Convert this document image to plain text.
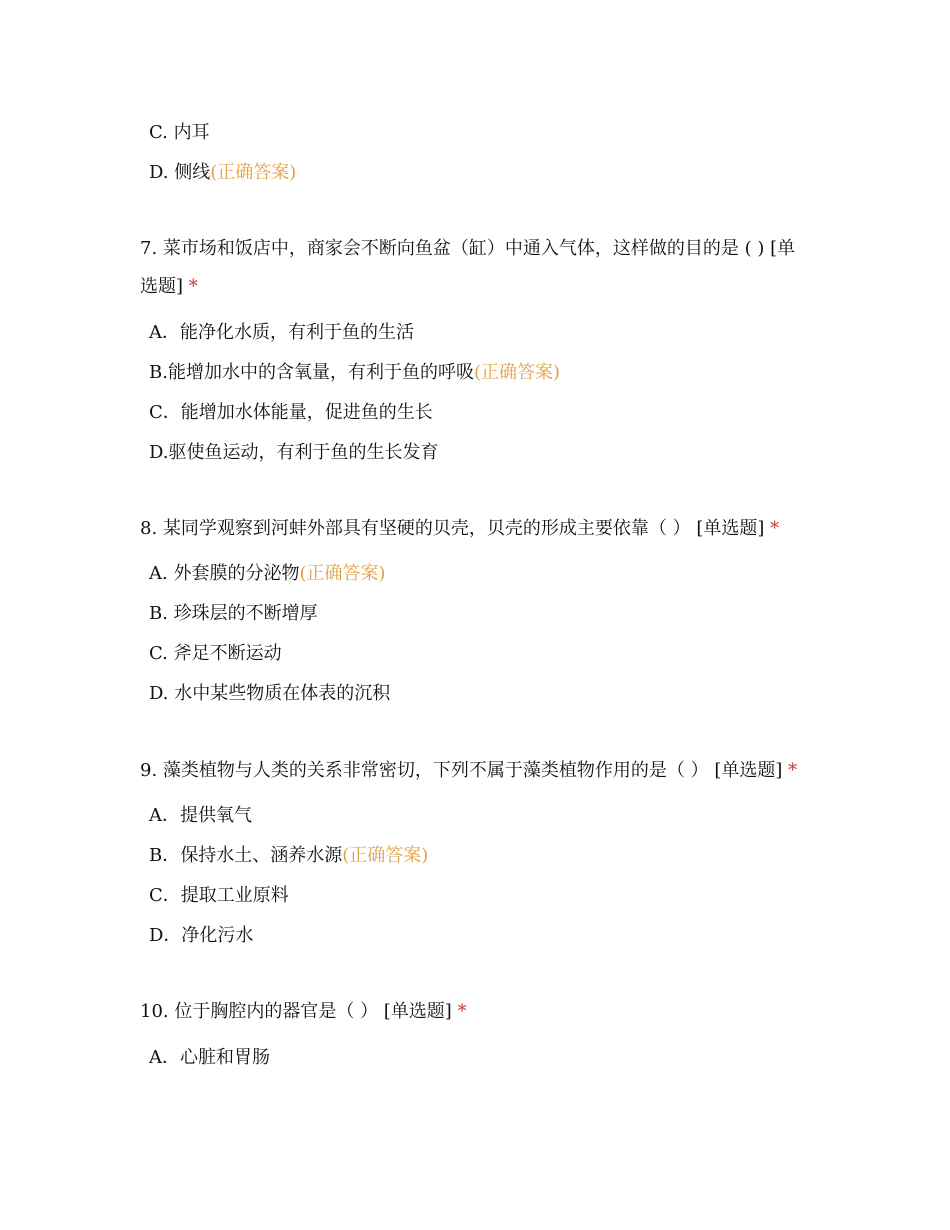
C. 内耳
D. 侧线(正确答案)
7. 菜市场和饭店中，商家会不断向鱼盆（缸）中通入气体，这样做的目的是 ( ) [单
选题] *
A．能净化水质，有利于鱼的生活
B.能增加水中的含氧量，有利于鱼的呼吸(正确答案)
C．能增加水体能量，促进鱼的生长
D.驱使鱼运动，有利于鱼的生长发育
8. 某同学观察到河蚌外部具有坚硬的贝壳，贝壳的形成主要依靠（ ） [单选题] *
A. 外套膜的分泌物(正确答案)
B. 珍珠层的不断增厚
C. 斧足不断运动
D. 水中某些物质在体表的沉积
9. 藻类植物与人类的关系非常密切，下列不属于藻类植物作用的是（ ） [单选题] *
A．提供氧气
B．保持水土、涵养水源(正确答案)
C．提取工业原料
D．净化污水
10. 位于胸腔内的器官是（ ） [单选题] *
A．心脏和胃肠
